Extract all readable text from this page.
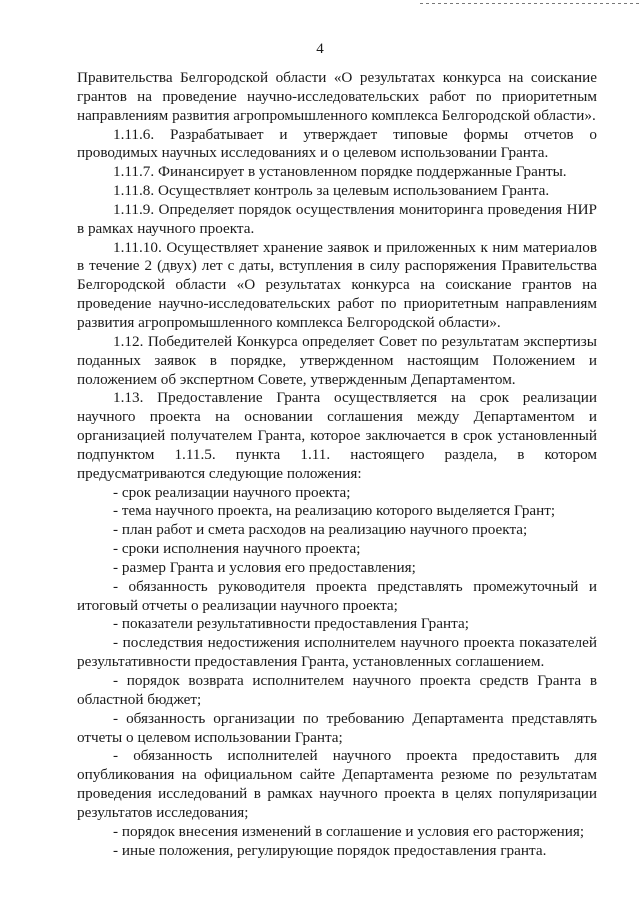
4

Правительства Белгородской области «О результатах конкурса на соискание грантов на проведение научно-исследовательских работ по приоритетным направлениям развития агропромышленного комплекса Белгородской области».

1.11.6. Разрабатывает и утверждает типовые формы отчетов о проводимых научных исследованиях и о целевом использовании Гранта.

1.11.7. Финансирует в установленном порядке поддержанные Гранты.

1.11.8. Осуществляет контроль за целевым использованием Гранта.

1.11.9. Определяет порядок осуществления мониторинга проведения НИР в рамках научного проекта.

1.11.10. Осуществляет хранение заявок и приложенных к ним материалов в течение 2 (двух) лет с даты, вступления в силу распоряжения Правительства Белгородской области «О результатах конкурса на соискание грантов на проведение научно-исследовательских работ по приоритетным направлениям развития агропромышленного комплекса Белгородской области».

1.12. Победителей Конкурса определяет Совет по результатам экспертизы поданных заявок в порядке, утвержденном настоящим Положением и положением об экспертном Совете, утвержденным Департаментом.

1.13. Предоставление Гранта осуществляется на срок реализации научного проекта на основании соглашения между Департаментом и организацией получателем Гранта, которое заключается в срок установленный подпунктом 1.11.5. пункта 1.11. настоящего раздела, в котором предусматриваются следующие положения:

- срок реализации научного проекта;

- тема научного проекта, на реализацию которого выделяется Грант;

- план работ и смета расходов на реализацию научного проекта;

- сроки исполнения научного проекта;

- размер Гранта и условия его предоставления;

- обязанность руководителя проекта представлять промежуточный и итоговый отчеты о реализации научного проекта;

- показатели результативности предоставления Гранта;

- последствия недостижения исполнителем научного проекта показателей результативности предоставления Гранта, установленных соглашением.

- порядок возврата исполнителем научного проекта средств Гранта в областной бюджет;

- обязанность организации по требованию Департамента представлять отчеты о целевом использовании Гранта;

- обязанность исполнителей научного проекта предоставить для опубликования на официальном сайте Департамента резюме по результатам проведения исследований в рамках научного проекта в целях популяризации результатов исследования;

- порядок внесения изменений в соглашение и условия его расторжения;

- иные положения, регулирующие порядок предоставления гранта.
